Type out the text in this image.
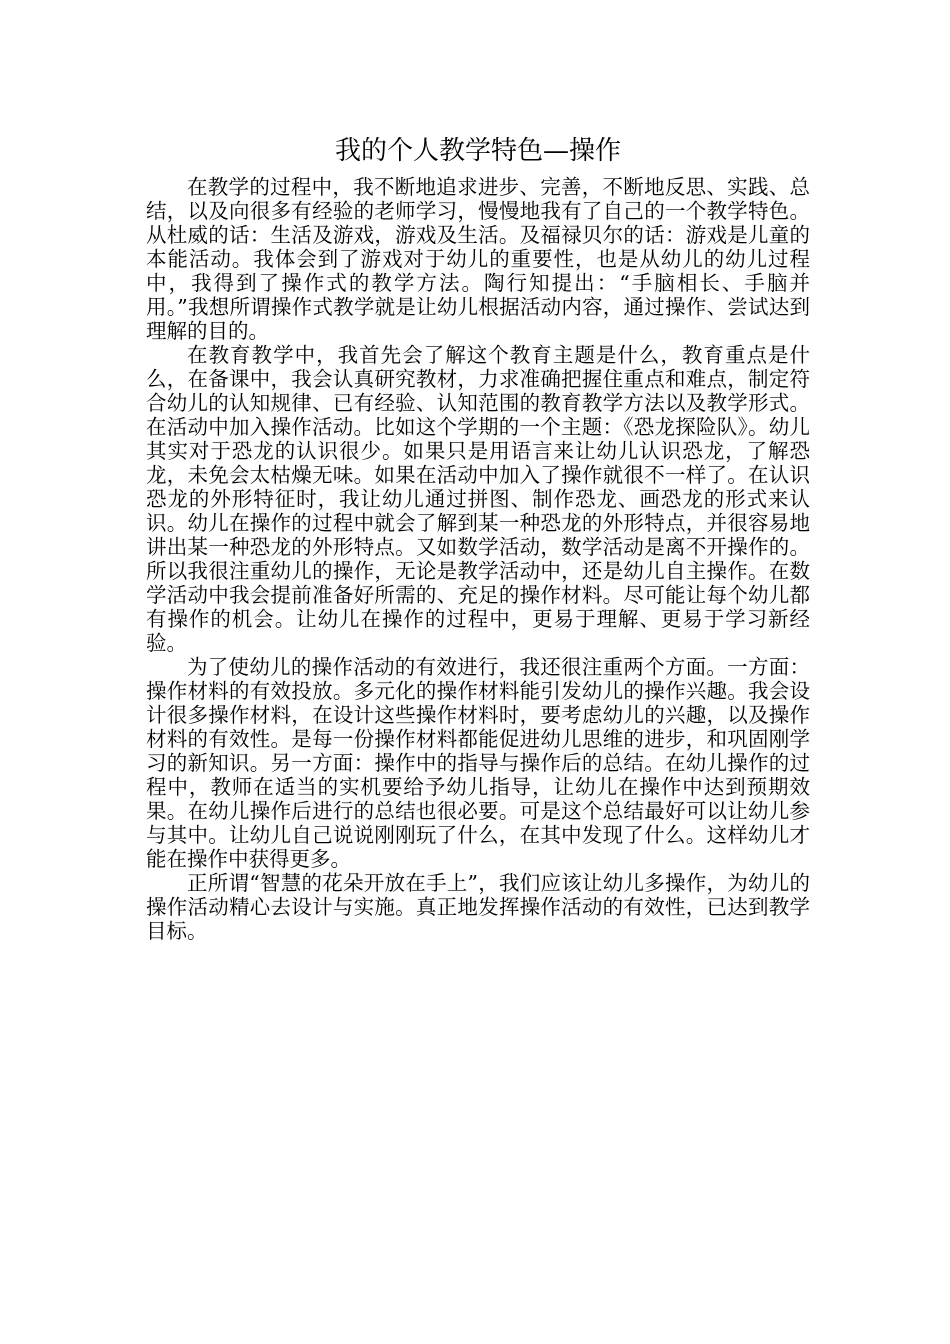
我的个人教学特色—操作

在教学的过程中，我不断地追求进步、完善，不断地反思、实践、总结，以及向很多有经验的老师学习，慢慢地我有了自己的一个教学特色。从杜威的话：生活及游戏，游戏及生活。及福禄贝尔的话：游戏是儿童的本能活动。我体会到了游戏对于幼儿的重要性，也是从幼儿的幼儿过程中，我得到了操作式的教学方法。陶行知提出：“手脑相长、手脑并用。”我想所谓操作式教学就是让幼儿根据活动内容，通过操作、尝试达到理解的目的。

在教育教学中，我首先会了解这个教育主题是什么，教育重点是什么，在备课中，我会认真研究教材，力求准确把握住重点和难点，制定符合幼儿的认知规律、已有经验、认知范围的教育教学方法以及教学形式。在活动中加入操作活动。比如这个学期的一个主题：《恐龙探险队》。幼儿其实对于恐龙的认识很少。如果只是用语言来让幼儿认识恐龙，了解恐龙，未免会太枯燥无味。如果在活动中加入了操作就很不一样了。在认识恐龙的外形特征时，我让幼儿通过拼图、制作恐龙、画恐龙的形式来认识。幼儿在操作的过程中就会了解到某一种恐龙的外形特点，并很容易地讲出某一种恐龙的外形特点。又如数学活动，数学活动是离不开操作的。所以我很注重幼儿的操作，无论是教学活动中，还是幼儿自主操作。在数学活动中我会提前准备好所需的、充足的操作材料。尽可能让每个幼儿都有操作的机会。让幼儿在操作的过程中，更易于理解、更易于学习新经验。

为了使幼儿的操作活动的有效进行，我还很注重两个方面。一方面：操作材料的有效投放。多元化的操作材料能引发幼儿的操作兴趣。我会设计很多操作材料，在设计这些操作材料时，要考虑幼儿的兴趣，以及操作材料的有效性。是每一份操作材料都能促进幼儿思维的进步，和巩固刚学习的新知识。另一方面：操作中的指导与操作后的总结。在幼儿操作的过程中，教师在适当的实机要给予幼儿指导，让幼儿在操作中达到预期效果。在幼儿操作后进行的总结也很必要。可是这个总结最好可以让幼儿参与其中。让幼儿自己说说刚刚玩了什么，在其中发现了什么。这样幼儿才能在操作中获得更多。

正所谓“智慧的花朵开放在手上”，我们应该让幼儿多操作，为幼儿的操作活动精心去设计与实施。真正地发挥操作活动的有效性，已达到教学目标。
